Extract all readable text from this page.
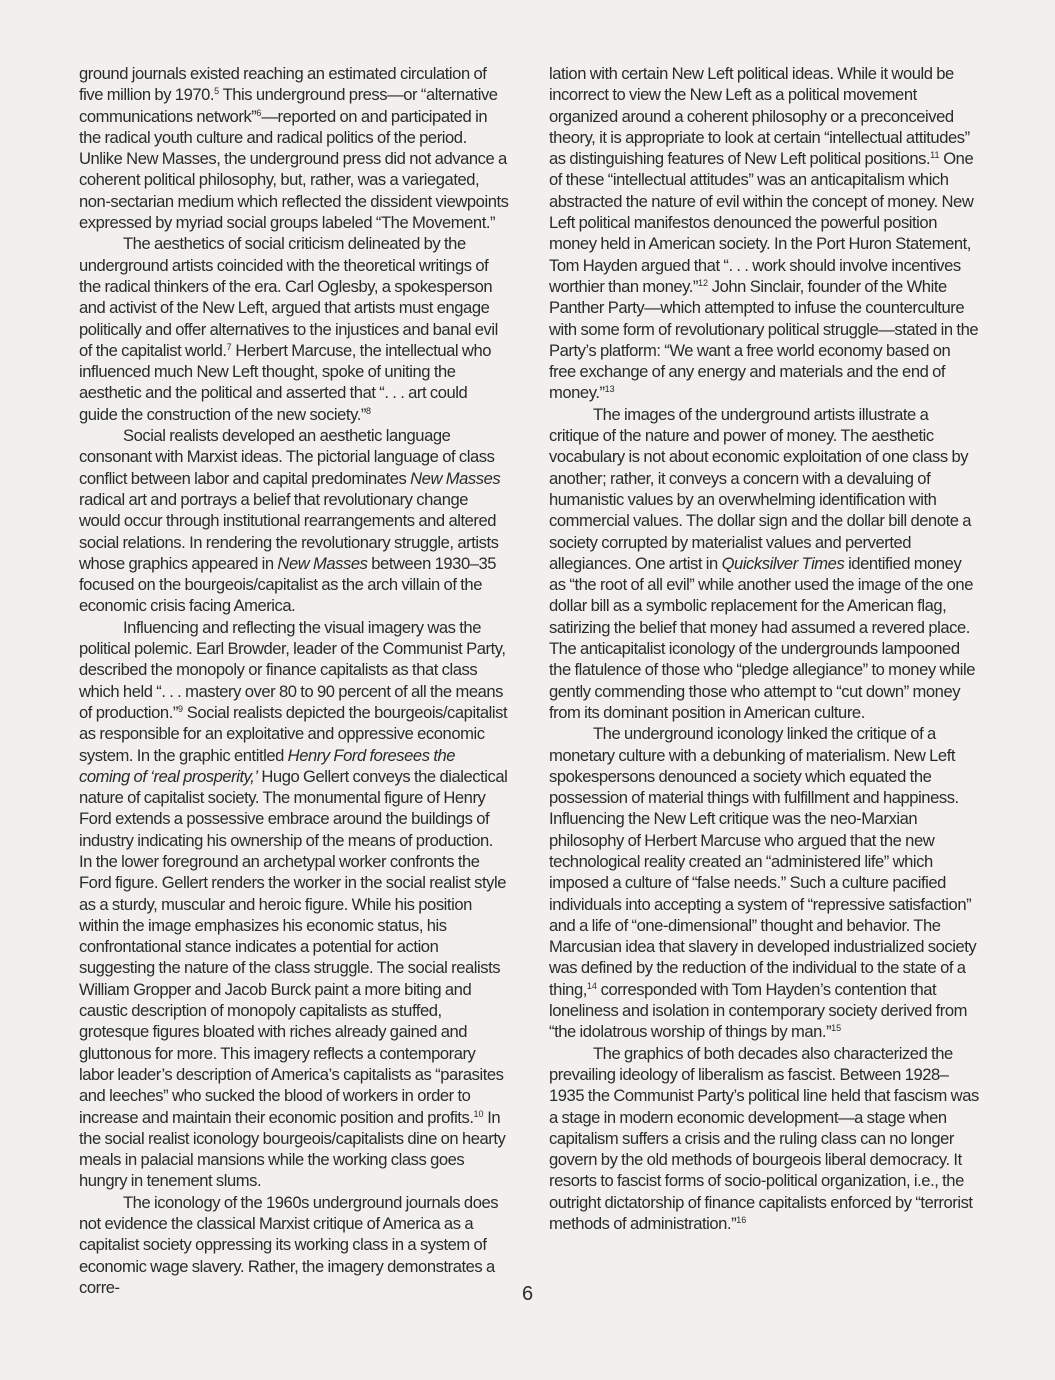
ground journals existed reaching an estimated circulation of five million by 1970.$^5$ This underground press—or “alternative communications network”$^6$—reported on and participated in the radical youth culture and radical politics of the period. Unlike New Masses, the underground press did not advance a coherent political philosophy, but, rather, was a variegated, non-sectarian medium which reflected the dissident viewpoints expressed by myriad social groups labeled “The Movement.”

The aesthetics of social criticism delineated by the underground artists coincided with the theoretical writings of the radical thinkers of the era. Carl Oglesby, a spokesperson and activist of the New Left, argued that artists must engage politically and offer alternatives to the injustices and banal evil of the capitalist world.$^7$ Herbert Marcuse, the intellectual who influenced much New Left thought, spoke of uniting the aesthetic and the political and asserted that “. . . art could guide the construction of the new society.”$^8$

Social realists developed an aesthetic language consonant with Marxist ideas. The pictorial language of class conflict between labor and capital predominates New Masses radical art and portrays a belief that revolutionary change would occur through institutional rearrangements and altered social relations. In rendering the revolutionary struggle, artists whose graphics appeared in New Masses between 1930–35 focused on the bourgeois/capitalist as the arch villain of the economic crisis facing America.

Influencing and reflecting the visual imagery was the political polemic. Earl Browder, leader of the Communist Party, described the monopoly or finance capitalists as that class which held “. . . mastery over 80 to 90 percent of all the means of production.”$^9$ Social realists depicted the bourgeois/capitalist as responsible for an exploitative and oppressive economic system. In the graphic entitled Henry Ford foresees the coming of ‘real prosperity,’ Hugo Gellert conveys the dialectical nature of capitalist society. The monumental figure of Henry Ford extends a possessive embrace around the buildings of industry indicating his ownership of the means of production. In the lower foreground an archetypal worker confronts the Ford figure. Gellert renders the worker in the social realist style as a sturdy, muscular and heroic figure. While his position within the image emphasizes his economic status, his confrontational stance indicates a potential for action suggesting the nature of the class struggle. The social realists William Gropper and Jacob Burck paint a more biting and caustic description of monopoly capitalists as stuffed, grotesque figures bloated with riches already gained and gluttonous for more. This imagery reflects a contemporary labor leader’s description of America’s capitalists as “parasites and leeches” who sucked the blood of workers in order to increase and maintain their economic position and profits.$^{10}$ In the social realist iconology bourgeois/capitalists dine on hearty meals in palacial mansions while the working class goes hungry in tenement slums.

The iconology of the 1960s underground journals does not evidence the classical Marxist critique of America as a capitalist society oppressing its working class in a system of economic wage slavery. Rather, the imagery demonstrates a corre-

lation with certain New Left political ideas. While it would be incorrect to view the New Left as a political movement organized around a coherent philosophy or a preconceived theory, it is appropriate to look at certain “intellectual attitudes” as distinguishing features of New Left political positions.$^{11}$ One of these “intellectual attitudes” was an anticapitalism which abstracted the nature of evil within the concept of money. New Left political manifestos denounced the powerful position money held in American society. In the Port Huron Statement, Tom Hayden argued that “. . . work should involve incentives worthier than money.”$^{12}$ John Sinclair, founder of the White Panther Party—which attempted to infuse the counterculture with some form of revolutionary political struggle—stated in the Party’s platform: “We want a free world economy based on free exchange of any energy and materials and the end of money.”$^{13}$

The images of the underground artists illustrate a critique of the nature and power of money. The aesthetic vocabulary is not about economic exploitation of one class by another; rather, it conveys a concern with a devaluing of humanistic values by an overwhelming identification with commercial values. The dollar sign and the dollar bill denote a society corrupted by materialist values and perverted allegiances. One artist in Quicksilver Times identified money as “the root of all evil” while another used the image of the one dollar bill as a symbolic replacement for the American flag, satirizing the belief that money had assumed a revered place. The anticapitalist iconology of the undergrounds lampooned the flatulence of those who “pledge allegiance” to money while gently commending those who attempt to “cut down” money from its dominant position in American culture.

The underground iconology linked the critique of a monetary culture with a debunking of materialism. New Left spokespersons denounced a society which equated the possession of material things with fulfillment and happiness. Influencing the New Left critique was the neo-Marxian philosophy of Herbert Marcuse who argued that the new technological reality created an “administered life” which imposed a culture of “false needs.” Such a culture pacified individuals into accepting a system of “repressive satisfaction” and a life of “one-dimensional” thought and behavior. The Marcusian idea that slavery in developed industrialized society was defined by the reduction of the individual to the state of a thing,$^{14}$ corresponded with Tom Hayden’s contention that loneliness and isolation in contemporary society derived from “the idolatrous worship of things by man.”$^{15}$

The graphics of both decades also characterized the prevailing ideology of liberalism as fascist. Between 1928–1935 the Communist Party’s political line held that fascism was a stage in modern economic development—a stage when capitalism suffers a crisis and the ruling class can no longer govern by the old methods of bourgeois liberal democracy. It resorts to fascist forms of socio-political organization, i.e., the outright dictatorship of finance capitalists enforced by “terrorist methods of administration.”$^{16}$

6
